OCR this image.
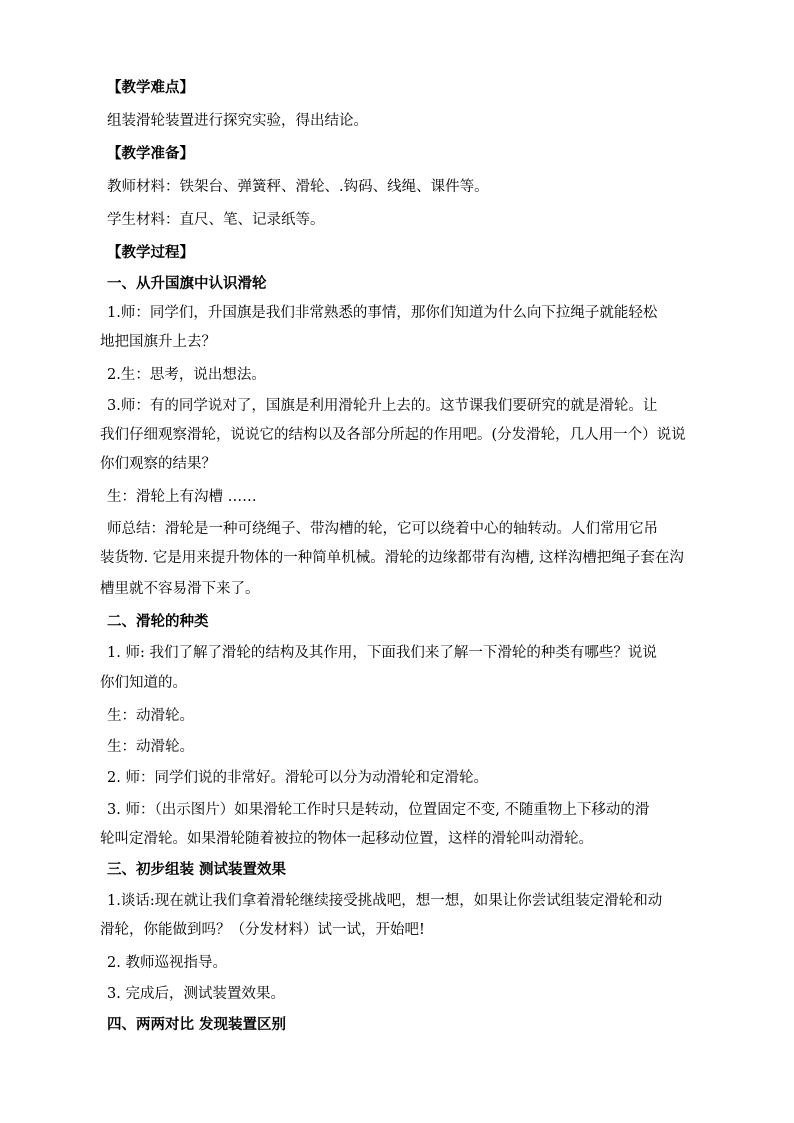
【教学难点】
组装滑轮装置进行探究实验，得出结论。
【教学准备】
教师材料：铁架台、弹簧秤、滑轮、.钩码、线绳、课件等。
学生材料：直尺、笔、记录纸等。
【教学过程】
一、从升国旗中认识滑轮
1.师：同学们，升国旗是我们非常熟悉的事情，那你们知道为什么向下拉绳子就能轻松
地把国旗升上去？
2.生：思考，说出想法。
3.师：有的同学说对了，国旗是利用滑轮升上去的。这节课我们要研究的就是滑轮。让
我们仔细观察滑轮，说说它的结构以及各部分所起的作用吧。(分发滑轮，几人用一个）说说
你们观察的结果？
生：滑轮上有沟槽 ……
师总结：滑轮是一种可绕绳子、带沟槽的轮，它可以绕着中心的轴转动。人们常用它吊
装货物. 它是用来提升物体的一种简单机械。滑轮的边缘都带有沟槽, 这样沟槽把绳子套在沟
槽里就不容易滑下来了。
二、滑轮的种类
1. 师: 我们了解了滑轮的结构及其作用，下面我们来了解一下滑轮的种类有哪些？说说
你们知道的。
生：动滑轮。
生：动滑轮。
2. 师：同学们说的非常好。滑轮可以分为动滑轮和定滑轮。
3. 师：（出示图片）如果滑轮工作时只是转动，位置固定不变, 不随重物上下移动的滑
轮叫定滑轮。如果滑轮随着被拉的物体一起移动位置，这样的滑轮叫动滑轮。
三、初步组装 测试装置效果
1.谈话:现在就让我们拿着滑轮继续接受挑战吧，想一想，如果让你尝试组装定滑轮和动
滑轮，你能做到吗？（分发材料）试一试，开始吧!
2. 教师巡视指导。
3. 完成后，测试装置效果。
四、两两对比 发现装置区别
